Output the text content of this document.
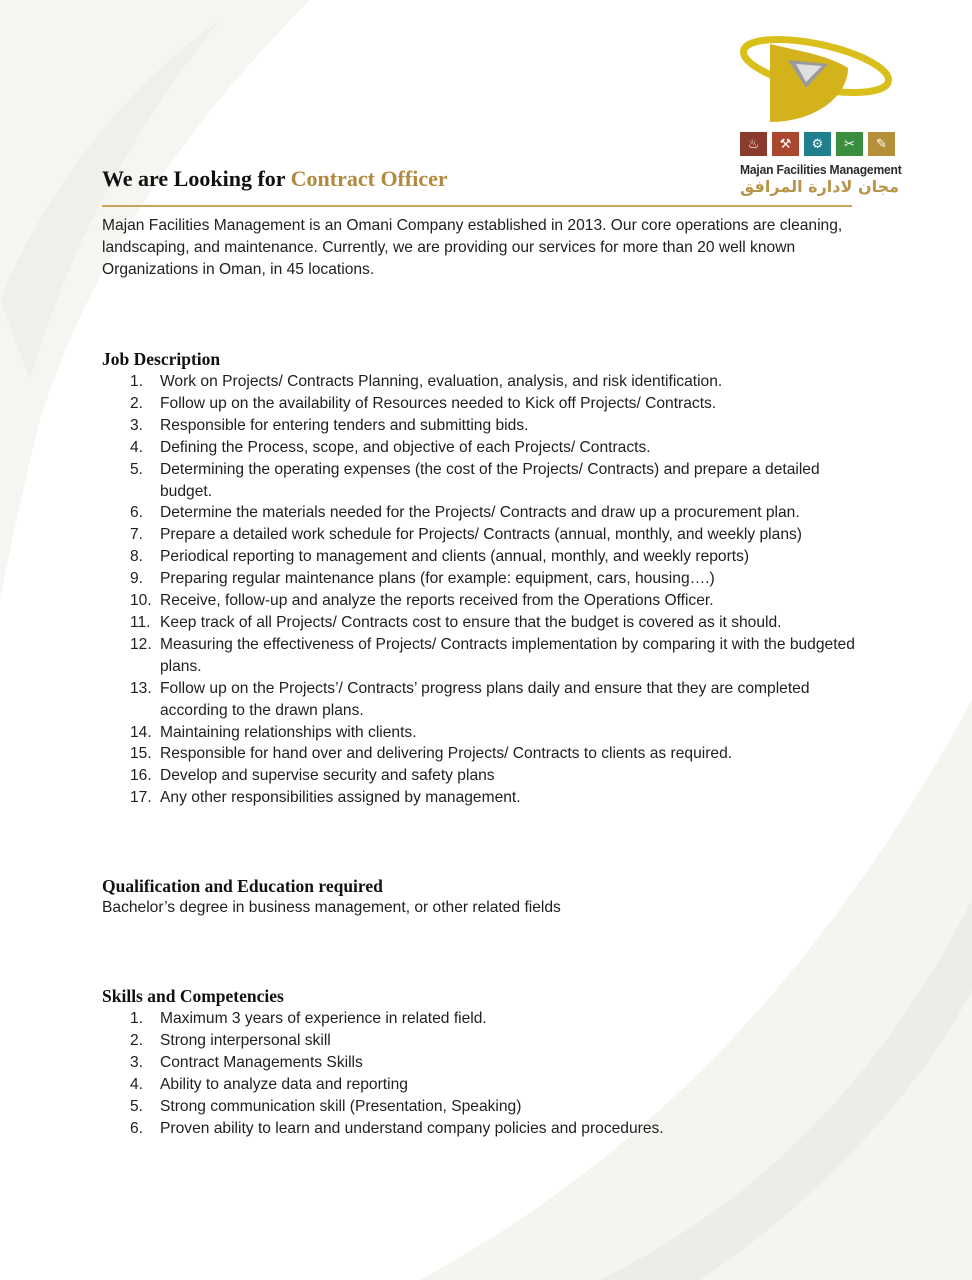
♨	⚒	⚙	✂	✎
Majan Facilities Management
مجان لادارة المرافق
We are Looking for Contract Officer

Majan Facilities Management is an Omani Company established in 2013. Our core operations are cleaning, landscaping, and maintenance. Currently, we are providing our services for more than 20 well known Organizations in Oman, in 45 locations.

Job Description
1.	Work on Projects/ Contracts Planning, evaluation, analysis, and risk identification.
2.	Follow up on the availability of Resources needed to Kick off Projects/ Contracts.
3.	Responsible for entering tenders and submitting bids.
4.	Defining the Process, scope, and objective of each Projects/ Contracts.
5.	Determining the operating expenses (the cost of the Projects/ Contracts) and prepare a detailed budget.
6.	Determine the materials needed for the Projects/ Contracts and draw up a procurement plan.
7.	Prepare a detailed work schedule for Projects/ Contracts (annual, monthly, and weekly plans)
8.	Periodical reporting to management and clients (annual, monthly, and weekly reports)
9.	Preparing regular maintenance plans (for example: equipment, cars, housing….)
10. Receive, follow-up and analyze the reports received from the Operations Officer.
11. Keep track of all Projects/ Contracts cost to ensure that the budget is covered as it should.
12. Measuring the effectiveness of Projects/ Contracts implementation by comparing it with the budgeted plans.
13. Follow up on the Projects’/ Contracts’ progress plans daily and ensure that they are completed according to the drawn plans.
14. Maintaining relationships with clients.
15. Responsible for hand over and delivering Projects/ Contracts to clients as required.
16. Develop and supervise security and safety plans
17. Any other responsibilities assigned by management.
Qualification and Education required

Bachelor’s degree in business management, or other related fields

Skills and Competencies
1.	Maximum 3 years of experience in related field.
2.	Strong interpersonal skill
3.	Contract Managements Skills
4.	Ability to analyze data and reporting
5.	Strong communication skill (Presentation, Speaking)
6.	Proven ability to learn and understand company policies and procedures.
